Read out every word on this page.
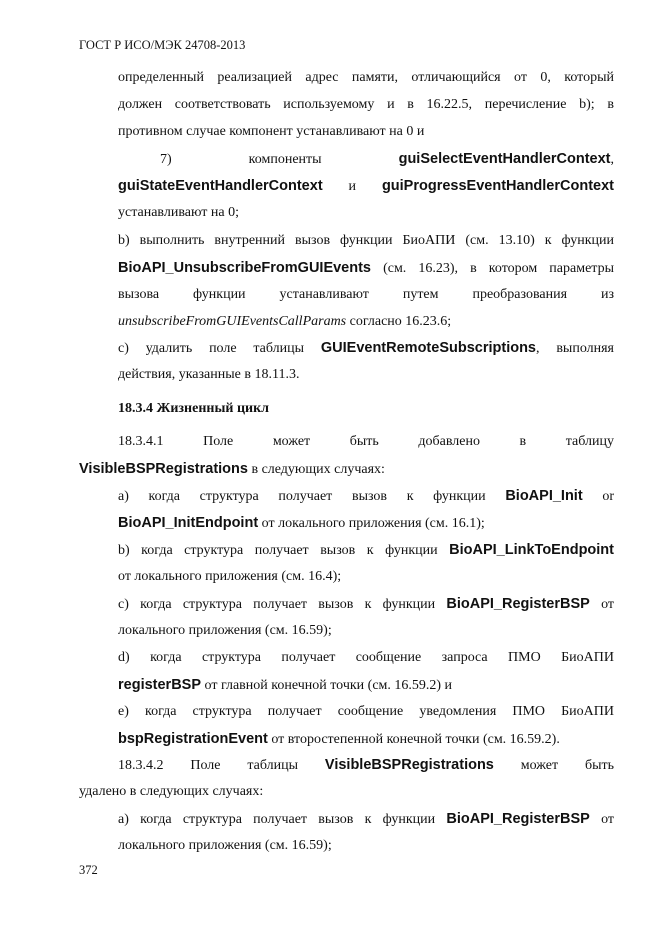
ГОСТ Р ИСО/МЭК 24708-2013
определенный реализацией адрес памяти, отличающийся от 0, который
должен соответствовать используемому и в 16.22.5, перечисление b); в
противном случае компонент устанавливают на 0 и
7) компоненты	guiSelectEventHandlerContext,
guiStateEventHandlerContext и guiProgressEventHandlerContext
устанавливают на 0;
b) выполнить внутренний вызов функции БиоАПИ (см. 13.10) к функции
BioAPI_UnsubscribeFromGUIEvents (см. 16.23), в котором параметры
вызова функции устанавливают путем преобразования из
unsubscribeFromGUIEventsCallParams согласно 16.23.6;
c) удалить поле таблицы GUIEventRemoteSubscriptions, выполняя
действия, указанные в 18.11.3.
18.3.4 Жизненный цикл
18.3.4.1 Поле может быть добавлено в таблицу
VisibleBSPRegistrations в следующих случаях:
a) когда структура получает вызов к функции BioAPI_Init or
BioAPI_InitEndpoint от локального приложения (см. 16.1);
b) когда структура получает вызов к функции BioAPI_LinkToEndpoint
от локального приложения (см. 16.4);
c) когда структура получает вызов к функции BioAPI_RegisterBSP от
локального приложения (см. 16.59);
d) когда структура получает сообщение запроса ПМО БиоАПИ
registerBSP от главной конечной точки (см. 16.59.2) и
e) когда структура получает сообщение уведомления ПМО БиоАПИ
bspRegistrationEvent от второстепенной конечной точки (см. 16.59.2).
18.3.4.2 Поле таблицы VisibleBSPRegistrations может быть
удалено в следующих случаях:
a) когда структура получает вызов к функции BioAPI_RegisterBSP от
локального приложения (см. 16.59);
372
